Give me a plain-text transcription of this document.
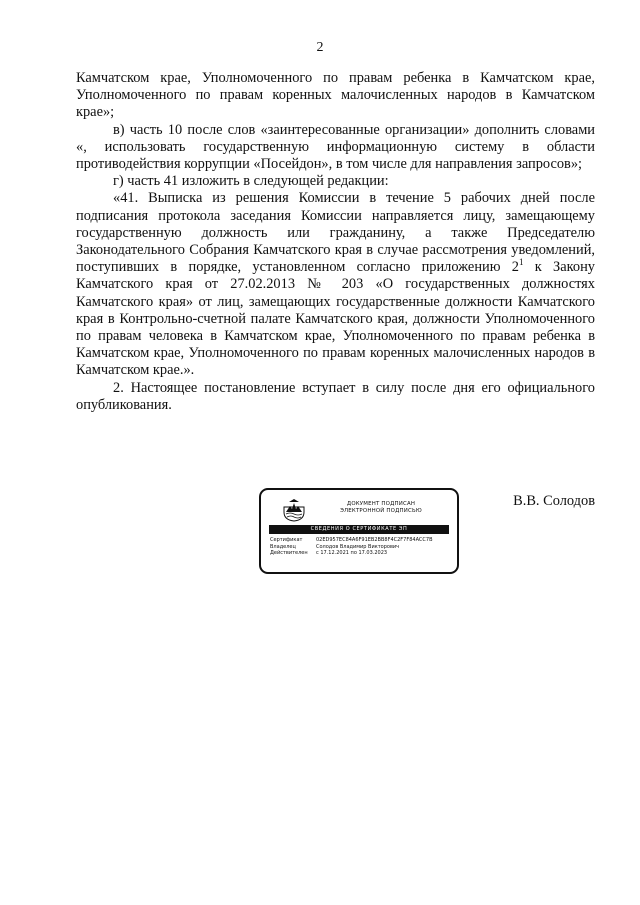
2

Камчатском крае, Уполномоченного по правам ребенка в Камчатском крае, Уполномоченного по правам коренных малочисленных народов в Камчатском крае»;

в) часть 10 после слов «заинтересованные организации» дополнить словами «, использовать государственную информационную систему в области противодействия коррупции «Посейдон», в том числе для направления запросов»;

г) часть 41 изложить в следующей редакции:

«41. Выписка из решения Комиссии в течение 5 рабочих дней после подписания протокола заседания Комиссии направляется лицу, замещающему государственную должность или гражданину, а также Председателю Законодательного Собрания Камчатского края в случае рассмотрения уведомлений, поступивших в порядке, установленном согласно приложению $2^1$ к Закону Камчатского края от 27.02.2013 № 203 «О государственных должностях Камчатского края» от лиц, замещающих государственные должности Камчатского края в Контрольно-счетной палате Камчатского края, должности Уполномоченного по правам человека в Камчатском крае, Уполномоченного по правам ребенка в Камчатском крае, Уполномоченного по правам коренных малочисленных народов в Камчатском крае.».

2. Настоящее постановление вступает в силу после дня его официального опубликования.

ДОКУМЕНТ ПОДПИСАН
ЭЛЕКТРОННОЙ ПОДПИСЬЮ
СВЕДЕНИЯ О СЕРТИФИКАТЕ ЭП
Сертификат	02ED957EC84A6F91EB2BB8F4C2F7F84ACC7B
Владелец	Солодов Владимир Викторович
Действителен	с 17.12.2021 по 17.03.2023
В.В. Солодов
